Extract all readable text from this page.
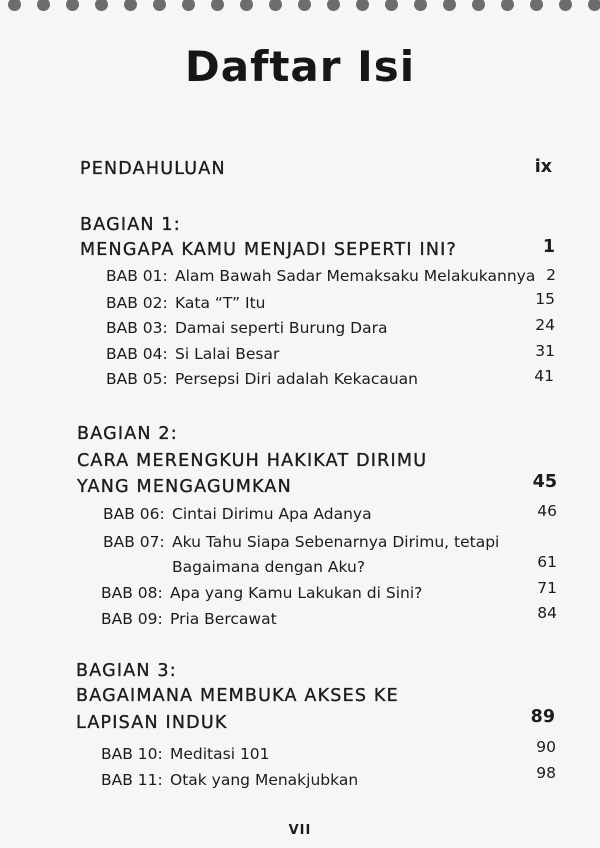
Daftar Isi
PENDAHULUAN	ix
BAGIAN 1:
MENGAPA KAMU MENJADI SEPERTI INI?	1
BAB 01: Alam Bawah Sadar Memaksaku Melakukannya 2
BAB 02: Kata “T” Itu	15
BAB 03: Damai seperti Burung Dara	24
BAB 04: Si Lalai Besar	31
BAB 05: Persepsi Diri adalah Kekacauan	41
BAGIAN 2:
CARA MERENGKUH HAKIKAT DIRIMU
YANG MENGAGUMKAN	45
BAB 06: Cintai Dirimu Apa Adanya	46
BAB 07: Aku Tahu Siapa Sebenarnya Dirimu, tetapi
Bagaimana dengan Aku?	61
BAB 08: Apa yang Kamu Lakukan di Sini?	71
BAB 09: Pria Bercawat	84
BAGIAN 3:
BAGAIMANA MEMBUKA AKSES KE
LAPISAN INDUK	89
BAB 10: Meditasi 101	90
BAB 11: Otak yang Menakjubkan	98
VII
